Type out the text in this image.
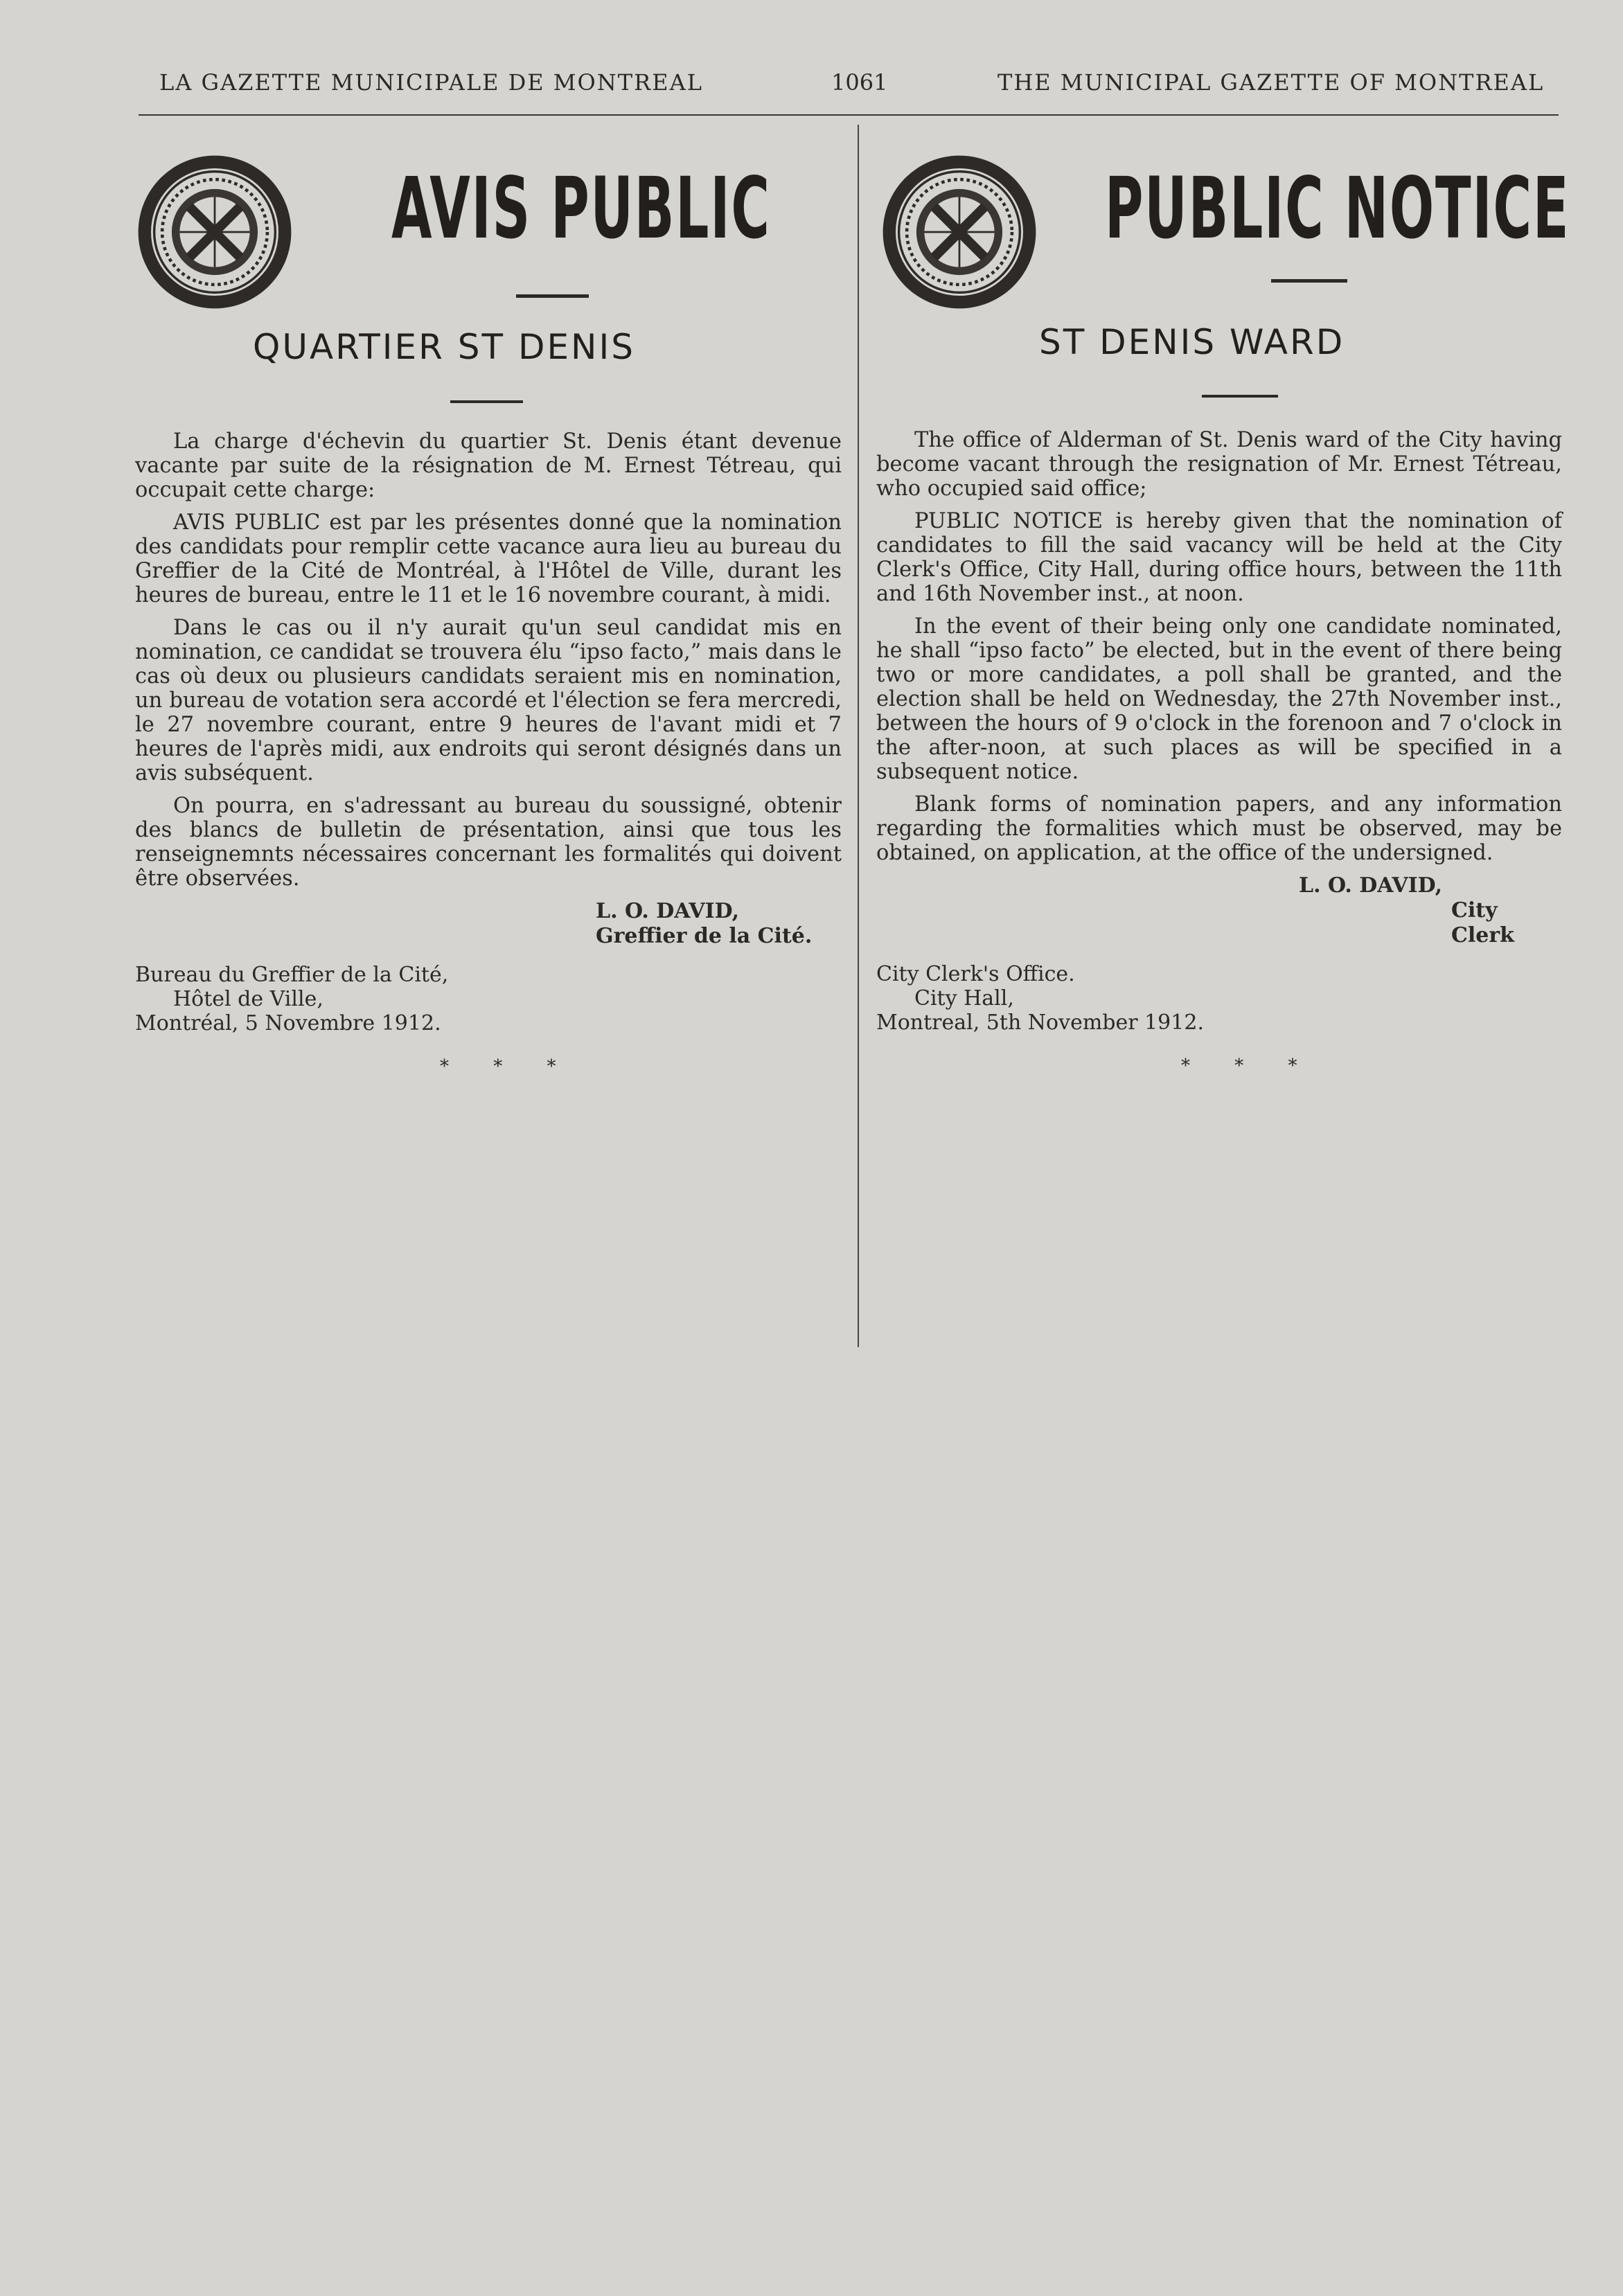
LA GAZETTE MUNICIPALE DE MONTREAL	1061	THE MUNICIPAL GAZETTE OF MONTREAL
AVIS PUBLIC
QUARTIER ST DENIS

La charge d'échevin du quartier St. Denis étant devenue vacante par suite de la résignation de M. Ernest Tétreau, qui occupait cette charge:

AVIS PUBLIC est par les présentes donné que la nomination des candidats pour remplir cette vacance aura lieu au bureau du Greffier de la Cité de Montréal, à l'Hôtel de Ville, durant les heures de bureau, entre le 11 et le 16 novembre courant, à midi.

Dans le cas ou il n'y aurait qu'un seul candidat mis en nomination, ce candidat se trouvera élu “ipso facto,” mais dans le cas où deux ou plusieurs candidats seraient mis en nomination, un bureau de votation sera accordé et l'élection se fera mercredi, le 27 novembre courant, entre 9 heures de l'avant midi et 7 heures de l'après midi, aux endroits qui seront désignés dans un avis subséquent.

On pourra, en s'adressant au bureau du soussigné, obtenir des blancs de bulletin de présentation, ainsi que tous les renseignemnts nécessaires concernant les formalités qui doivent être observées.

L. O. DAVID,
Greffier de la Cité.
Bureau du Greffier de la Cité,
Hôtel de Ville,
Montréal, 5 Novembre 1912.
* * *
PUBLIC NOTICE
ST DENIS WARD

The office of Alderman of St. Denis ward of the City having become vacant through the resignation of Mr. Ernest Tétreau, who occupied said office;

PUBLIC NOTICE is hereby given that the nomination of candidates to fill the said vacancy will be held at the City Clerk's Office, City Hall, during office hours, between the 11th and 16th November inst., at noon.

In the event of their being only one candidate nominated, he shall “ipso facto” be elected, but in the event of there being two or more candidates, a poll shall be granted, and the election shall be held on Wednesday, the 27th November inst., between the hours of 9 o'clock in the forenoon and 7 o'clock in the after-noon, at such places as will be specified in a subsequent notice.

Blank forms of nomination papers, and any information regarding the formalities which must be observed, may be obtained, on application, at the office of the undersigned.

L. O. DAVID,
City Clerk
City Clerk's Office.
City Hall,
Montreal, 5th November 1912.
* * *
